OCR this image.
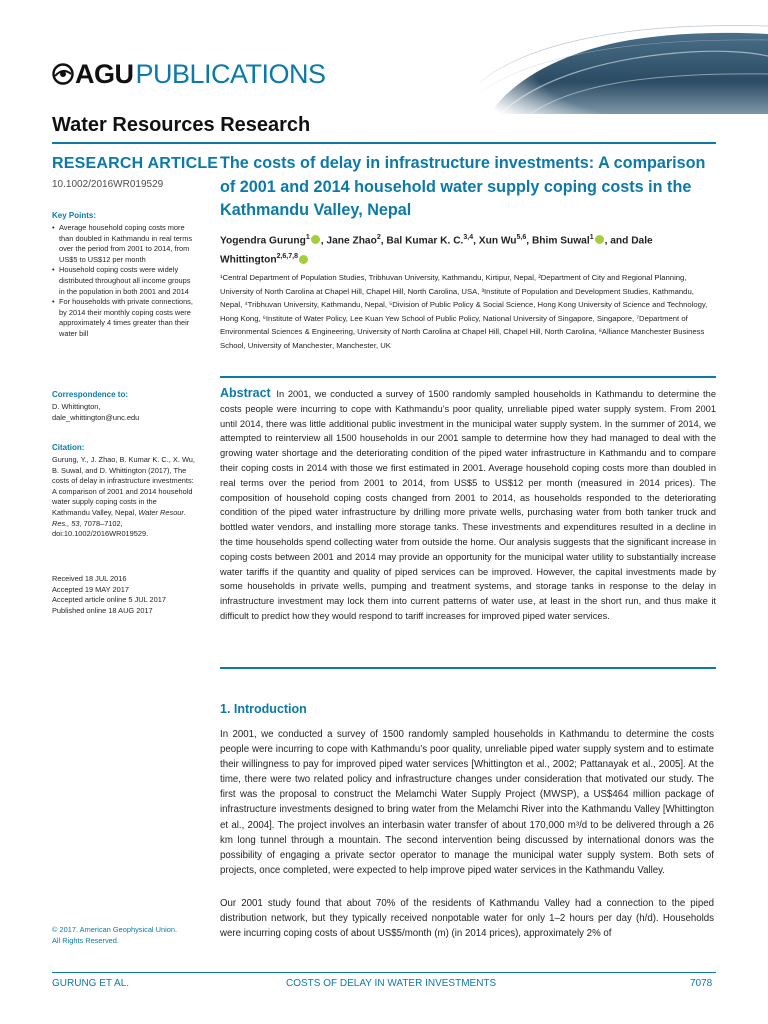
AGU PUBLICATIONS
Water Resources Research
RESEARCH ARTICLE
10.1002/2016WR019529
Key Points:
• Average household coping costs more than doubled in Kathmandu in real terms over the period from 2001 to 2014, from US$5 to US$12 per month
• Household coping costs were widely distributed throughout all income groups in the population in both 2001 and 2014
• For households with private connections, by 2014 their monthly coping costs were approximately 4 times greater than their water bill
Correspondence to:
D. Whittington,
dale_whittington@unc.edu
Citation:
Gurung, Y., J. Zhao, B. Kumar K. C., X. Wu, B. Suwal, and D. Whittington (2017), The costs of delay in infrastructure investments: A comparison of 2001 and 2014 household water supply coping costs in the Kathmandu Valley, Nepal, Water Resour. Res., 53, 7078–7102, doi:10.1002/2016WR019529.
Received 18 JUL 2016
Accepted 19 MAY 2017
Accepted article online 5 JUL 2017
Published online 18 AUG 2017
© 2017. American Geophysical Union.
All Rights Reserved.
The costs of delay in infrastructure investments: A comparison of 2001 and 2014 household water supply coping costs in the Kathmandu Valley, Nepal
Yogendra Gurung$^1$ , Jane Zhao$^2$, Bal Kumar K. C.$^{3,4}$, Xun Wu$^{5,6}$, Bhim Suwal$^1$ , and Dale Whittington$^{2,6,7,8}$
¹Central Department of Population Studies, Tribhuvan University, Kathmandu, Kirtipur, Nepal, ²Department of City and Regional Planning, University of North Carolina at Chapel Hill, Chapel Hill, North Carolina, USA, ³Institute of Population and Development Studies, Kathmandu, Nepal, ⁴Tribhuvan University, Kathmandu, Nepal, ⁵Division of Public Policy & Social Science, Hong Kong University of Science and Technology, Hong Kong, ⁶Institute of Water Policy, Lee Kuan Yew School of Public Policy, National University of Singapore, Singapore, ⁷Department of Environmental Sciences & Engineering, University of North Carolina at Chapel Hill, Chapel Hill, North Carolina, ⁸Alliance Manchester Business School, University of Manchester, Manchester, UK
Abstract In 2001, we conducted a survey of 1500 randomly sampled households in Kathmandu to determine the costs people were incurring to cope with Kathmandu’s poor quality, unreliable piped water supply system. From 2001 until 2014, there was little additional public investment in the municipal water supply system. In the summer of 2014, we attempted to reinterview all 1500 households in our 2001 sample to determine how they had managed to deal with the growing water shortage and the deteriorating condition of the piped water infrastructure in Kathmandu and to compare their coping costs in 2014 with those we first estimated in 2001. Average household coping costs more than doubled in real terms over the period from 2001 to 2014, from US$5 to US$12 per month (measured in 2014 prices). The composition of household coping costs changed from 2001 to 2014, as households responded to the deteriorating condition of the piped water infrastructure by drilling more private wells, purchasing water from both tanker truck and bottled water vendors, and installing more storage tanks. These investments and expenditures resulted in a decline in the time households spend collecting water from outside the home. Our analysis suggests that the significant increase in coping costs between 2001 and 2014 may provide an opportunity for the municipal water utility to substantially increase water tariffs if the quantity and quality of piped services can be improved. However, the capital investments made by some households in private wells, pumping and treatment systems, and storage tanks in response to the delay in infrastructure investment may lock them into current patterns of water use, at least in the short run, and thus make it difficult to predict how they would respond to tariff increases for improved piped water services.
1. Introduction
In 2001, we conducted a survey of 1500 randomly sampled households in Kathmandu to determine the costs people were incurring to cope with Kathmandu’s poor quality, unreliable piped water supply system and to estimate their willingness to pay for improved piped water services [Whittington et al., 2002; Pattanayak et al., 2005]. At the time, there were two related policy and infrastructure changes under consideration that motivated our study. The first was the proposal to construct the Melamchi Water Supply Project (MWSP), a US$464 million package of infrastructure investments designed to bring water from the Melamchi River into the Kathmandu Valley [Whittington et al., 2004]. The project involves an interbasin water transfer of about 170,000 m³/d to be delivered through a 26 km long tunnel through a mountain. The second intervention being discussed by international donors was the possibility of engaging a private sector operator to manage the municipal water supply system. Both sets of projects, once completed, were expected to help improve piped water services in the Kathmandu Valley.
Our 2001 study found that about 70% of the residents of Kathmandu Valley had a connection to the piped distribution network, but they typically received nonpotable water for only 1–2 hours per day (h/d). Households were incurring coping costs of about US$5/month (m) (in 2014 prices), approximately 2% of
GURUNG ET AL.	COSTS OF DELAY IN WATER INVESTMENTS	7078
